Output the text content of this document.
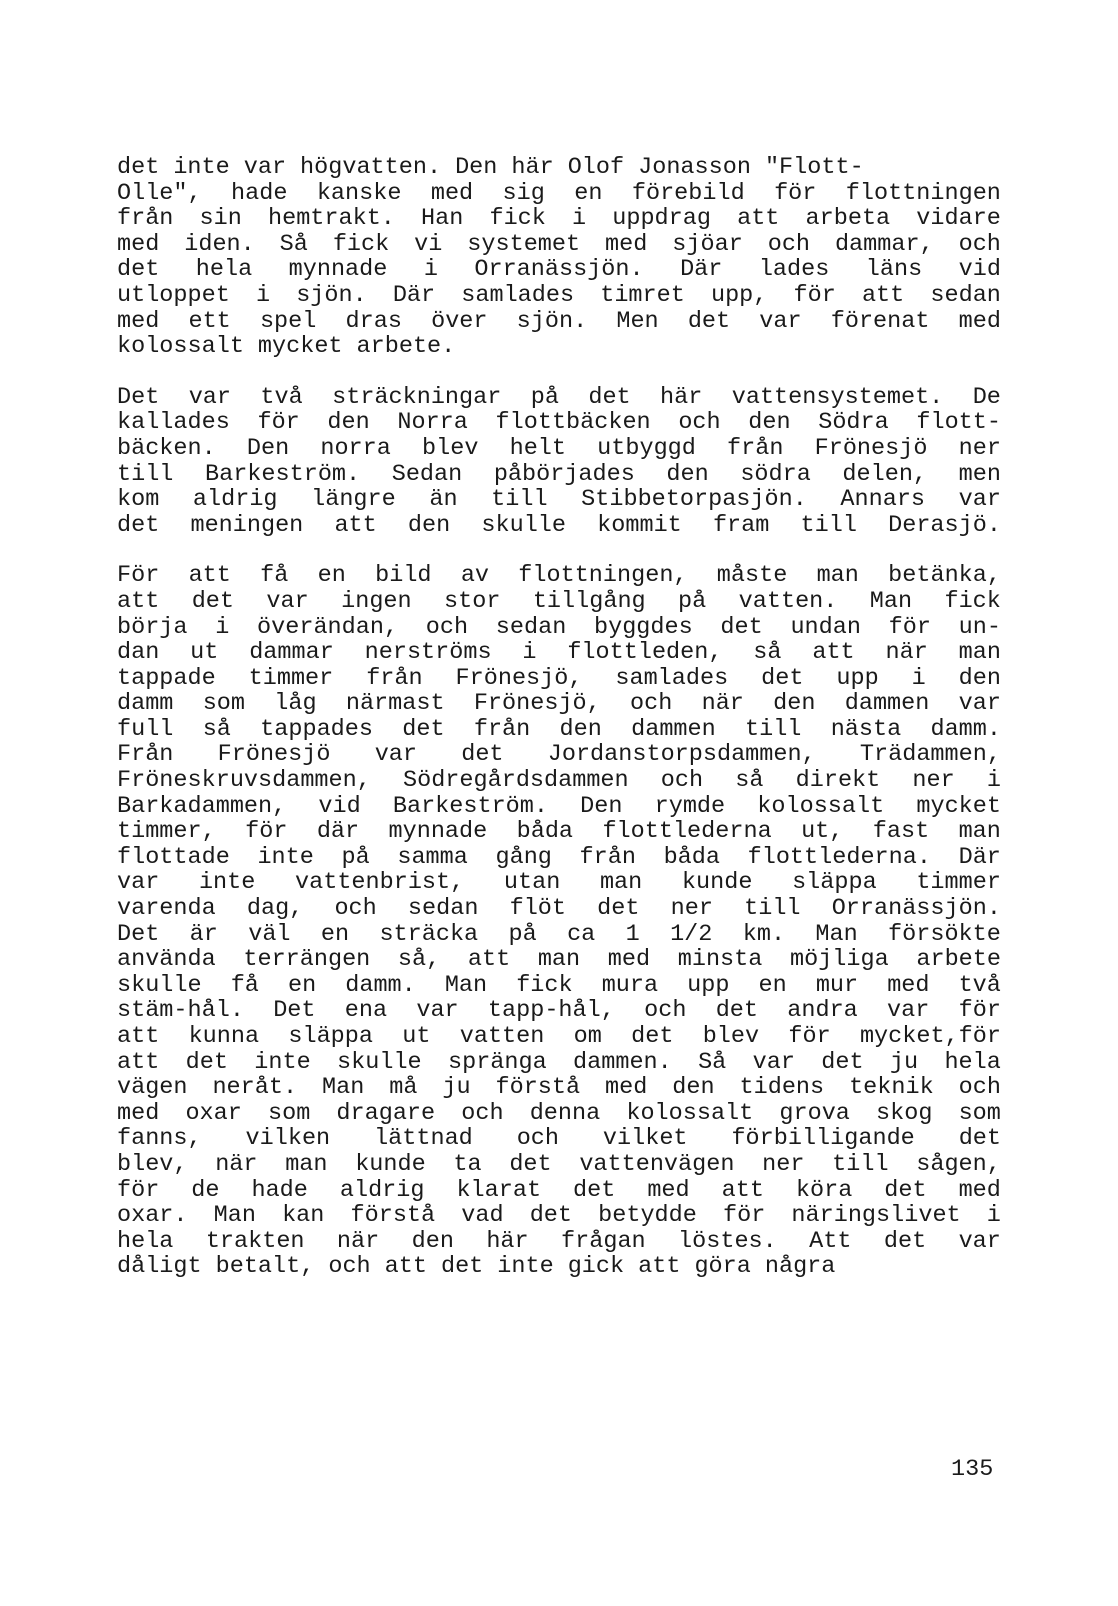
det inte var högvatten. Den här Olof Jonasson "Flott-
Olle", hade kanske med sig en förebild för flottningen
från sin hemtrakt. Han fick i uppdrag att arbeta vidare
med iden. Så fick vi systemet med sjöar och dammar, och
det hela mynnade i Orranässjön. Där lades läns vid
utloppet i sjön. Där samlades timret upp, för att sedan
med ett spel dras över sjön. Men det var förenat med
kolossalt mycket arbete.
Det var två sträckningar på det här vattensystemet. De
kallades för den Norra flottbäcken och den Södra flott-
bäcken. Den norra blev helt utbyggd från Frönesjö ner
till Barkeström. Sedan påbörjades den södra delen, men
kom aldrig längre än till Stibbetorpasjön. Annars var
det meningen att den skulle kommit fram till Derasjö.
För att få en bild av flottningen, måste man betänka,
att det var ingen stor tillgång på vatten. Man fick
börja i överändan, och sedan byggdes det undan för un-
dan ut dammar nerströms i flottleden, så att när man
tappade timmer från Frönesjö, samlades det upp i den
damm som låg närmast Frönesjö, och när den dammen var
full så tappades det från den dammen till nästa damm.
Från Frönesjö var det Jordanstorpsdammen, Trädammen,
Fröneskruvsdammen, Södregårdsdammen och så direkt ner i
Barkadammen, vid Barkeström. Den rymde kolossalt mycket
timmer, för där mynnade båda flottlederna ut, fast man
flottade inte på samma gång från båda flottlederna. Där
var inte vattenbrist, utan man kunde släppa timmer
varenda dag, och sedan flöt det ner till Orranässjön.
Det är väl en sträcka på ca 1 1/2 km. Man försökte
använda terrängen så, att man med minsta möjliga arbete
skulle få en damm. Man fick mura upp en mur med två
stäm-hål. Det ena var tapp-hål, och det andra var för
att kunna släppa ut vatten om det blev för mycket,för
att det inte skulle spränga dammen. Så var det ju hela
vägen neråt. Man må ju förstå med den tidens teknik och
med oxar som dragare och denna kolossalt grova skog som
fanns, vilken lättnad och vilket förbilligande det
blev, när man kunde ta det vattenvägen ner till sågen,
för de hade aldrig klarat det med att köra det med
oxar. Man kan förstå vad det betydde för näringslivet i
hela trakten när den här frågan löstes. Att det var
dåligt betalt, och att det inte gick att göra några
135
